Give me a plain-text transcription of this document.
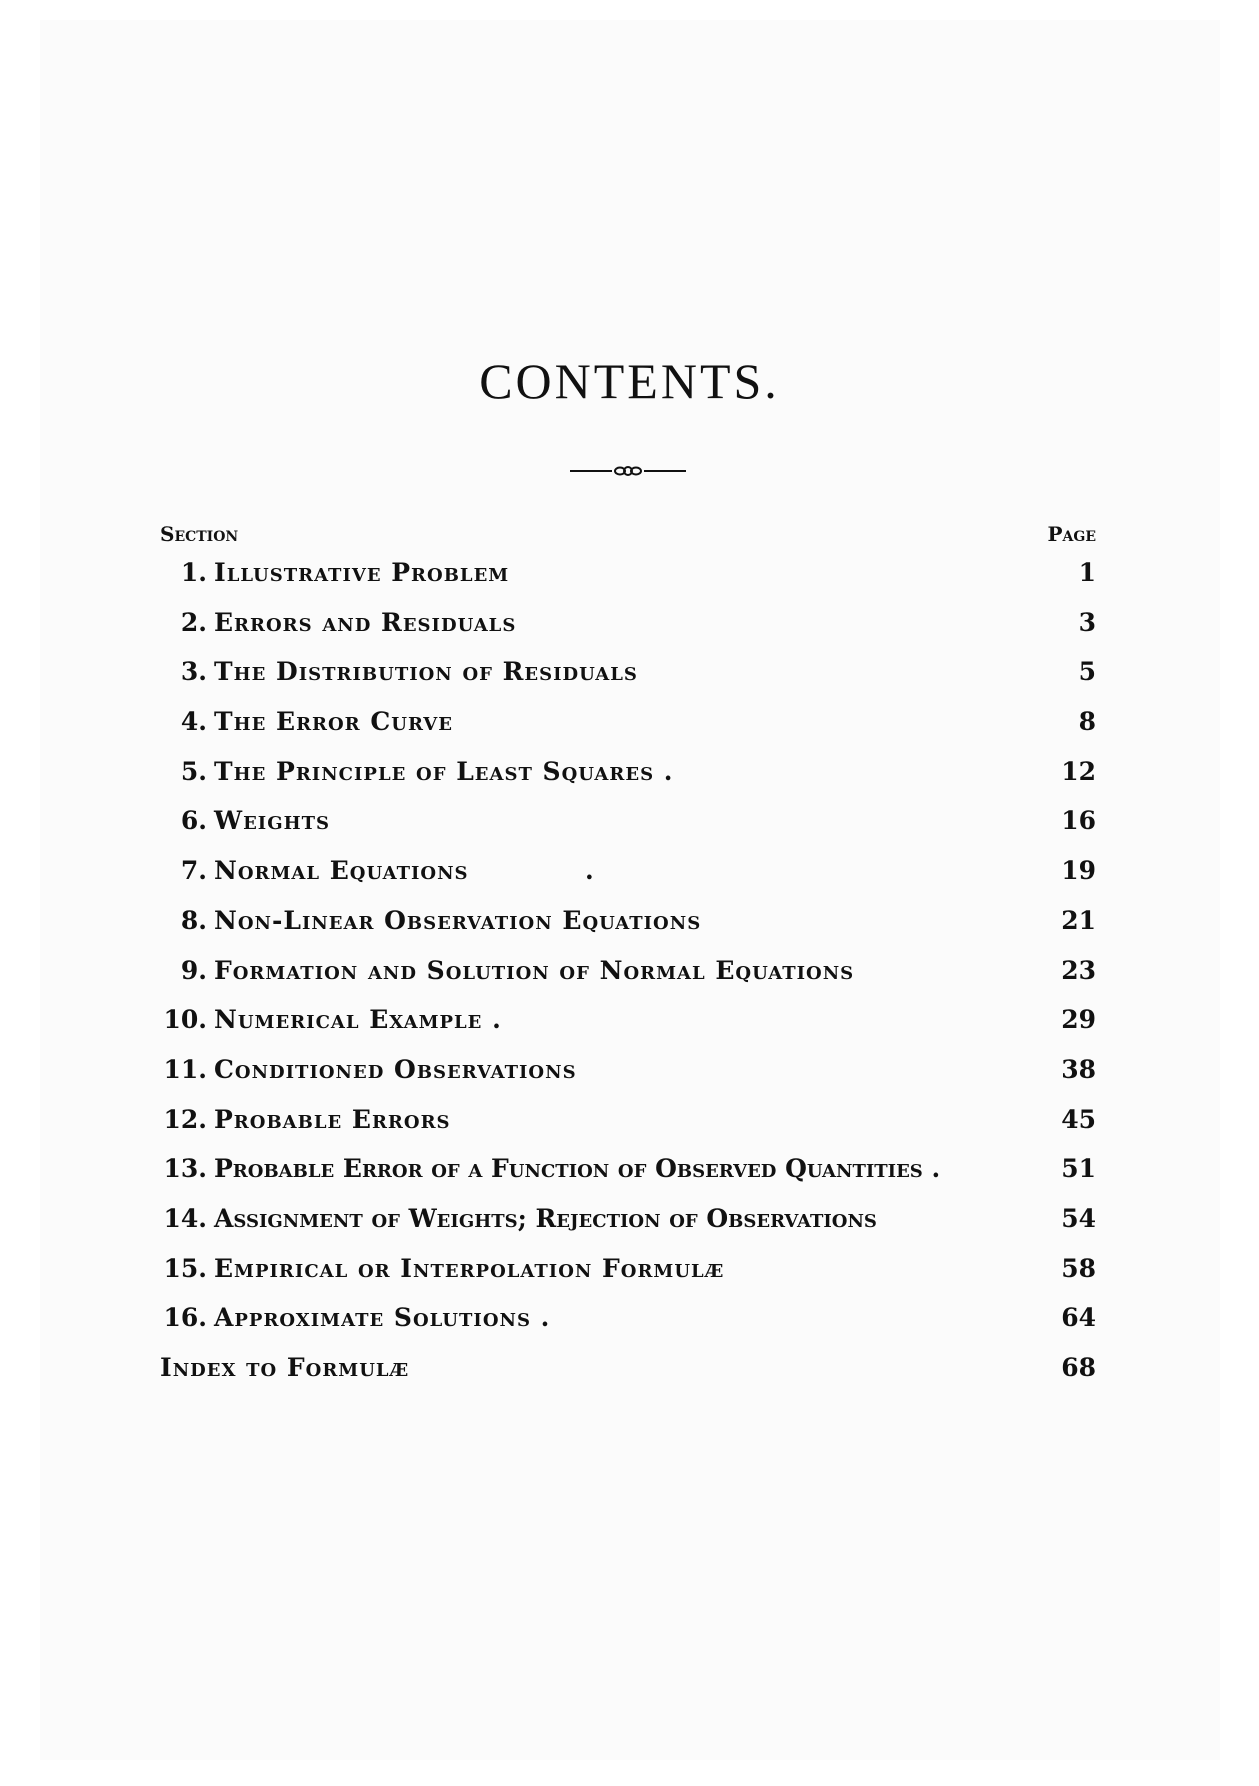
CONTENTS.
Section	Page
1. Illustrative Problem	1
2. Errors and Residuals	3
3. The Distribution of Residuals	5
4. The Error Curve	8
5. The Principle of Least Squares .	12
6. Weights	16
7. Normal Equations            .	19
8. Non-Linear Observation Equations	21
9. Formation and Solution of Normal Equations	23
10. Numerical Example .	29
11. Conditioned Observations	38
12. Probable Errors	45
13. Probable Error of a Function of Observed Quantities .	51
14. Assignment of Weights; Rejection of Observations	54
15. Empirical or Interpolation Formulæ	58
16. Approximate Solutions .	64
Index to Formulæ	68
